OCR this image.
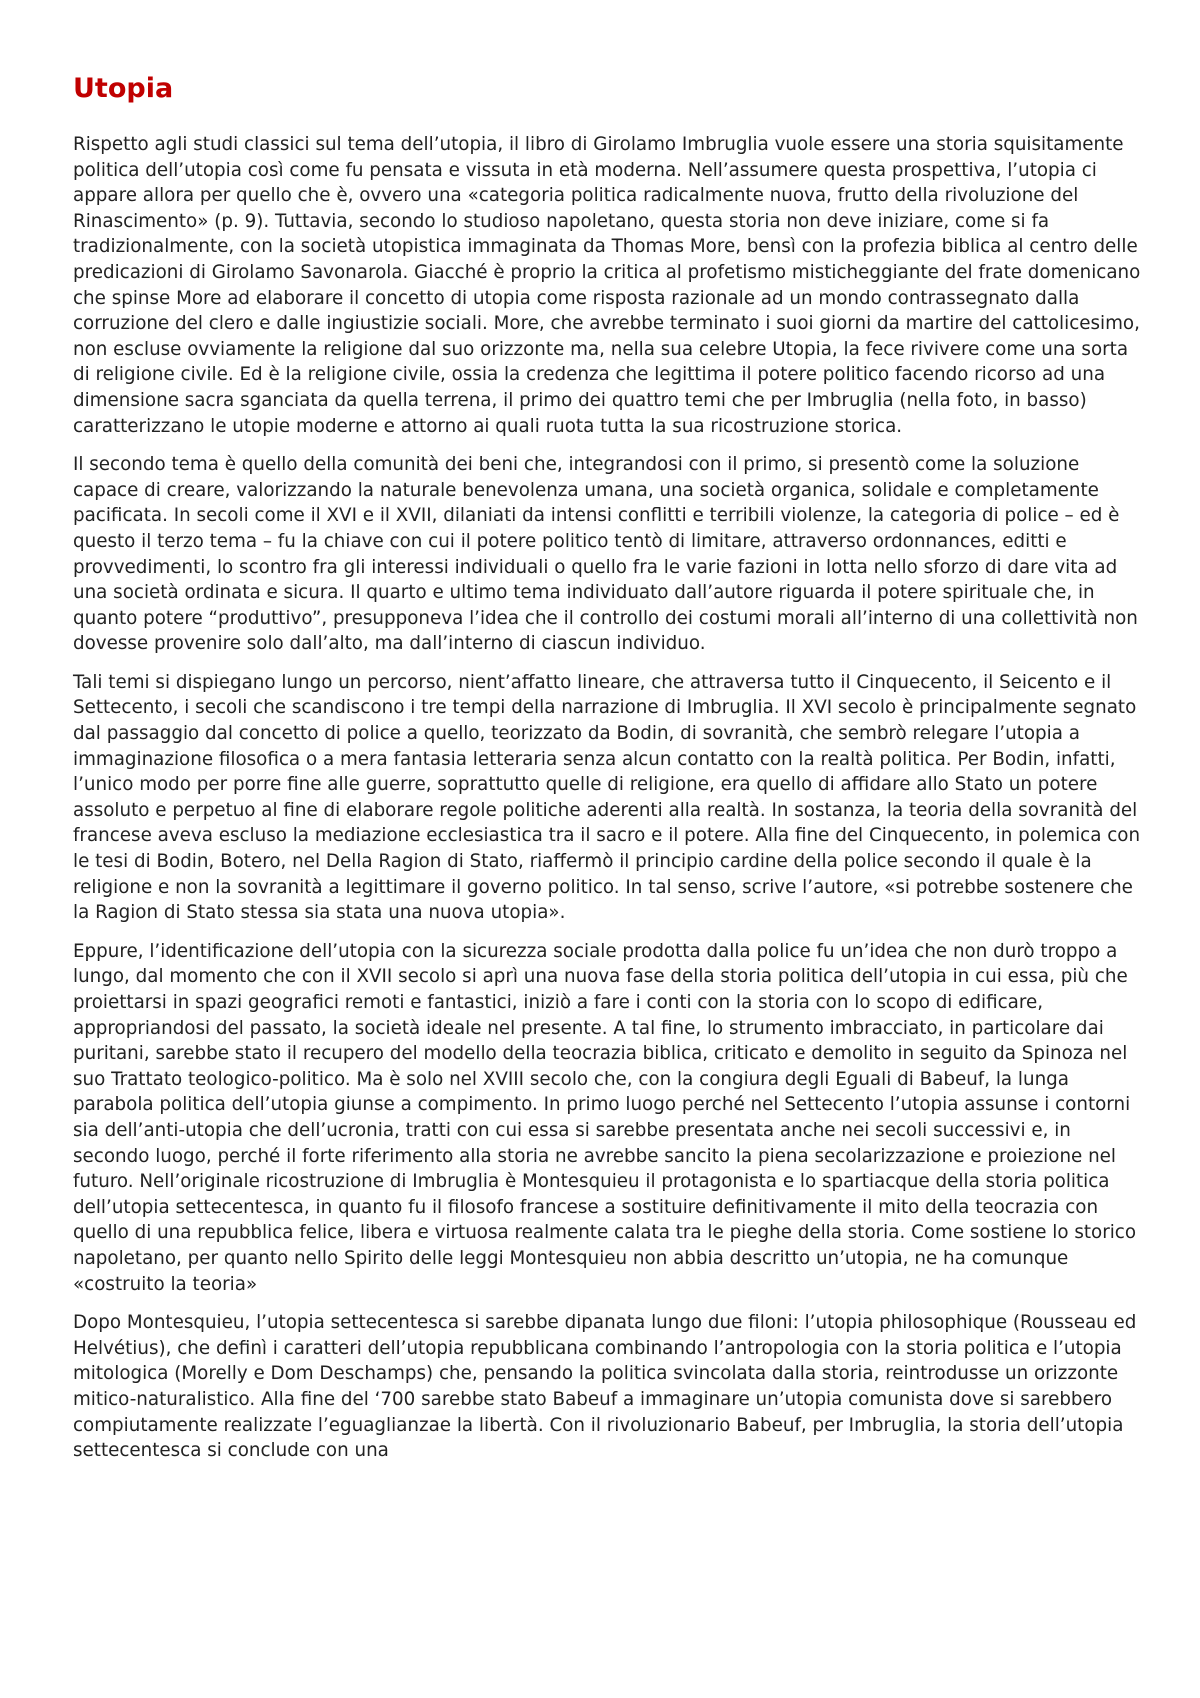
Utopia

Rispetto agli studi classici sul tema dell’utopia, il libro di Girolamo Imbruglia vuole essere una storia squisitamente politica dell’utopia così come fu pensata e vissuta in età moderna. Nell’assumere questa prospettiva, l’utopia ci appare allora per quello che è, ovvero una «categoria politica radicalmente nuova, frutto della rivoluzione del Rinascimento» (p. 9). Tuttavia, secondo lo studioso napoletano, questa storia non deve iniziare, come si fa tradizionalmente, con la società utopistica immaginata da Thomas More, bensì con la profezia biblica al centro delle predicazioni di Girolamo Savonarola. Giacché è proprio la critica al profetismo misticheggiante del frate domenicano che spinse More ad elaborare il concetto di utopia come risposta razionale ad un mondo contrassegnato dalla corruzione del clero e dalle ingiustizie sociali. More, che avrebbe terminato i suoi giorni da martire del cattolicesimo, non escluse ovviamente la religione dal suo orizzonte ma, nella sua celebre Utopia, la fece rivivere come una sorta di religione civile. Ed è la religione civile, ossia la credenza che legittima il potere politico facendo ricorso ad una dimensione sacra sganciata da quella terrena, il primo dei quattro temi che per Imbruglia (nella foto, in basso) caratterizzano le utopie moderne e attorno ai quali ruota tutta la sua ricostruzione storica.

Il secondo tema è quello della comunità dei beni che, integrandosi con il primo, si presentò come la soluzione capace di creare, valorizzando la naturale benevolenza umana, una società organica, solidale e completamente pacificata. In secoli come il XVI e il XVII, dilaniati da intensi conflitti e terribili violenze, la categoria di police – ed è questo il terzo tema – fu la chiave con cui il potere politico tentò di limitare, attraverso ordonnances, editti e provvedimenti, lo scontro fra gli interessi individuali o quello fra le varie fazioni in lotta nello sforzo di dare vita ad una società ordinata e sicura. Il quarto e ultimo tema individuato dall’autore riguarda il potere spirituale che, in quanto potere “produttivo”, presupponeva l’idea che il controllo dei costumi morali all’interno di una collettività non dovesse provenire solo dall’alto, ma dall’interno di ciascun individuo.

Tali temi si dispiegano lungo un percorso, nient’affatto lineare, che attraversa tutto il Cinquecento, il Seicento e il Settecento, i secoli che scandiscono i tre tempi della narrazione di Imbruglia. Il XVI secolo è principalmente segnato dal passaggio dal concetto di police a quello, teorizzato da Bodin, di sovranità, che sembrò relegare l’utopia a immaginazione filosofica o a mera fantasia letteraria senza alcun contatto con la realtà politica. Per Bodin, infatti, l’unico modo per porre fine alle guerre, soprattutto quelle di religione, era quello di affidare allo Stato un potere assoluto e perpetuo al fine di elaborare regole politiche aderenti alla realtà. In sostanza, la teoria della sovranità del francese aveva escluso la mediazione ecclesiastica tra il sacro e il potere. Alla fine del Cinquecento, in polemica con le tesi di Bodin, Botero, nel Della Ragion di Stato, riaffermò il principio cardine della police secondo il quale è la religione e non la sovranità a legittimare il governo politico. In tal senso, scrive l’autore, «si potrebbe sostenere che la Ragion di Stato stessa sia stata una nuova utopia».

Eppure, l’identificazione dell’utopia con la sicurezza sociale prodotta dalla police fu un’idea che non durò troppo a lungo, dal momento che con il XVII secolo si aprì una nuova fase della storia politica dell’utopia in cui essa, più che proiettarsi in spazi geografici remoti e fantastici, iniziò a fare i conti con la storia con lo scopo di edificare, appropriandosi del passato, la società ideale nel presente. A tal fine, lo strumento imbracciato, in particolare dai puritani, sarebbe stato il recupero del modello della teocrazia biblica, criticato e demolito in seguito da Spinoza nel suo Trattato teologico-politico. Ma è solo nel XVIII secolo che, con la congiura degli Eguali di Babeuf, la lunga parabola politica dell’utopia giunse a compimento. In primo luogo perché nel Settecento l’utopia assunse i contorni sia dell’anti-utopia che dell’ucronia, tratti con cui essa si sarebbe presentata anche nei secoli successivi e, in secondo luogo, perché il forte riferimento alla storia ne avrebbe sancito la piena secolarizzazione e proiezione nel futuro. Nell’originale ricostruzione di Imbruglia è Montesquieu il protagonista e lo spartiacque della storia politica dell’utopia settecentesca, in quanto fu il filosofo francese a sostituire definitivamente il mito della teocrazia con quello di una repubblica felice, libera e virtuosa realmente calata tra le pieghe della storia. Come sostiene lo storico napoletano, per quanto nello Spirito delle leggi Montesquieu non abbia descritto un’utopia, ne ha comunque «costruito la teoria»

Dopo Montesquieu, l’utopia settecentesca si sarebbe dipanata lungo due filoni: l’utopia philosophique (Rousseau ed Helvétius), che definì i caratteri dell’utopia repubblicana combinando l’antropologia con la storia politica e l’utopia mitologica (Morelly e Dom Deschamps) che, pensando la politica svincolata dalla storia, reintrodusse un orizzonte mitico-naturalistico. Alla fine del ‘700 sarebbe stato Babeuf a immaginare un’utopia comunista dove si sarebbero compiutamente realizzate l’eguaglianzae la libertà. Con il rivoluzionario Babeuf, per Imbruglia, la storia dell’utopia settecentesca si conclude con una
